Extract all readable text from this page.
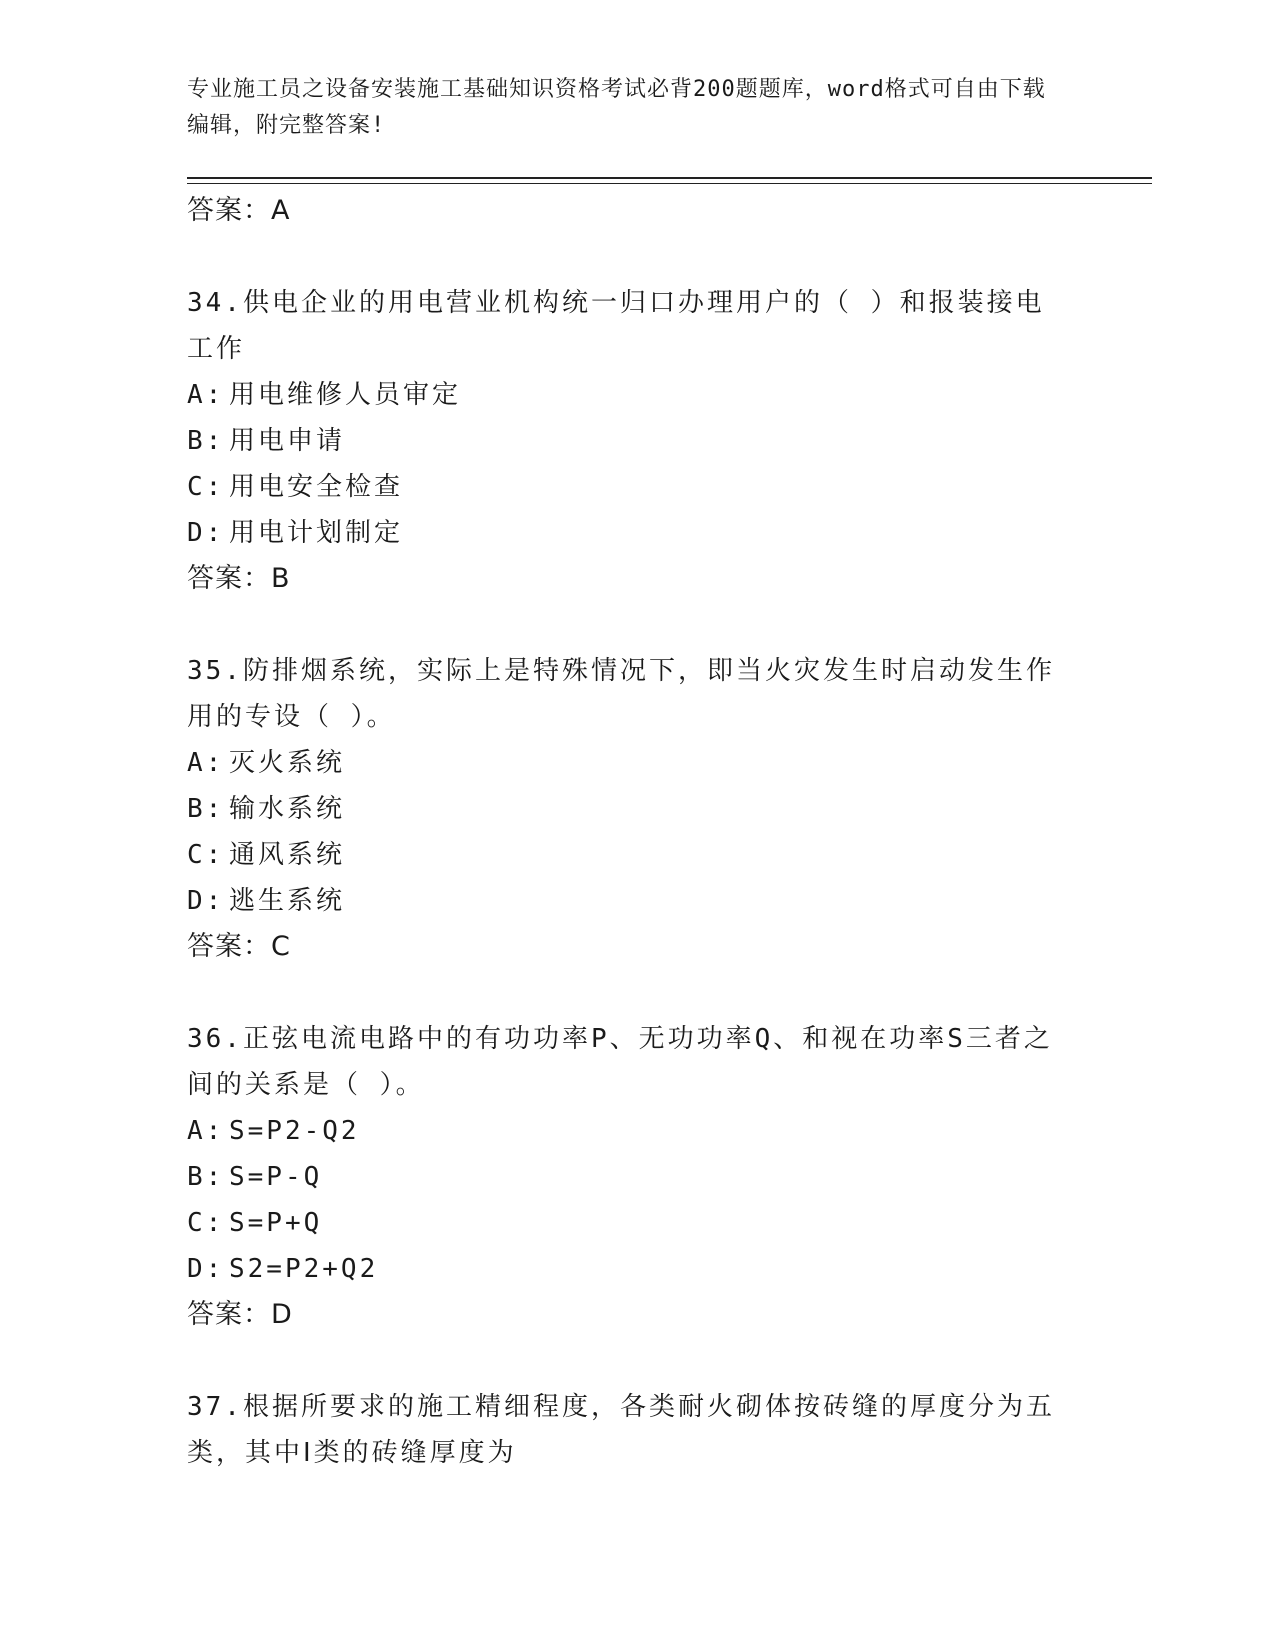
专业施工员之设备安装施工基础知识资格考试必背200题题库，word格式可自由下载编辑，附完整答案!
答案：A
34.供电企业的用电营业机构统一归口办理用户的（ ）和报装接电工作
A: 用电维修人员审定
B: 用电申请
C: 用电安全检查
D: 用电计划制定
答案：B
35.防排烟系统，实际上是特殊情况下，即当火灾发生时启动发生作用的专设（ ）。
A: 灭火系统
B: 输水系统
C: 通风系统
D: 逃生系统
答案：C
36.正弦电流电路中的有功功率P、无功功率Q、和视在功率S三者之间的关系是（ ）。
A: S=P2-Q2
B: S=P-Q
C: S=P+Q
D: S2=P2+Q2
答案：D
37.根据所要求的施工精细程度，各类耐火砌体按砖缝的厚度分为五类，其中Ⅰ类的砖缝厚度为
